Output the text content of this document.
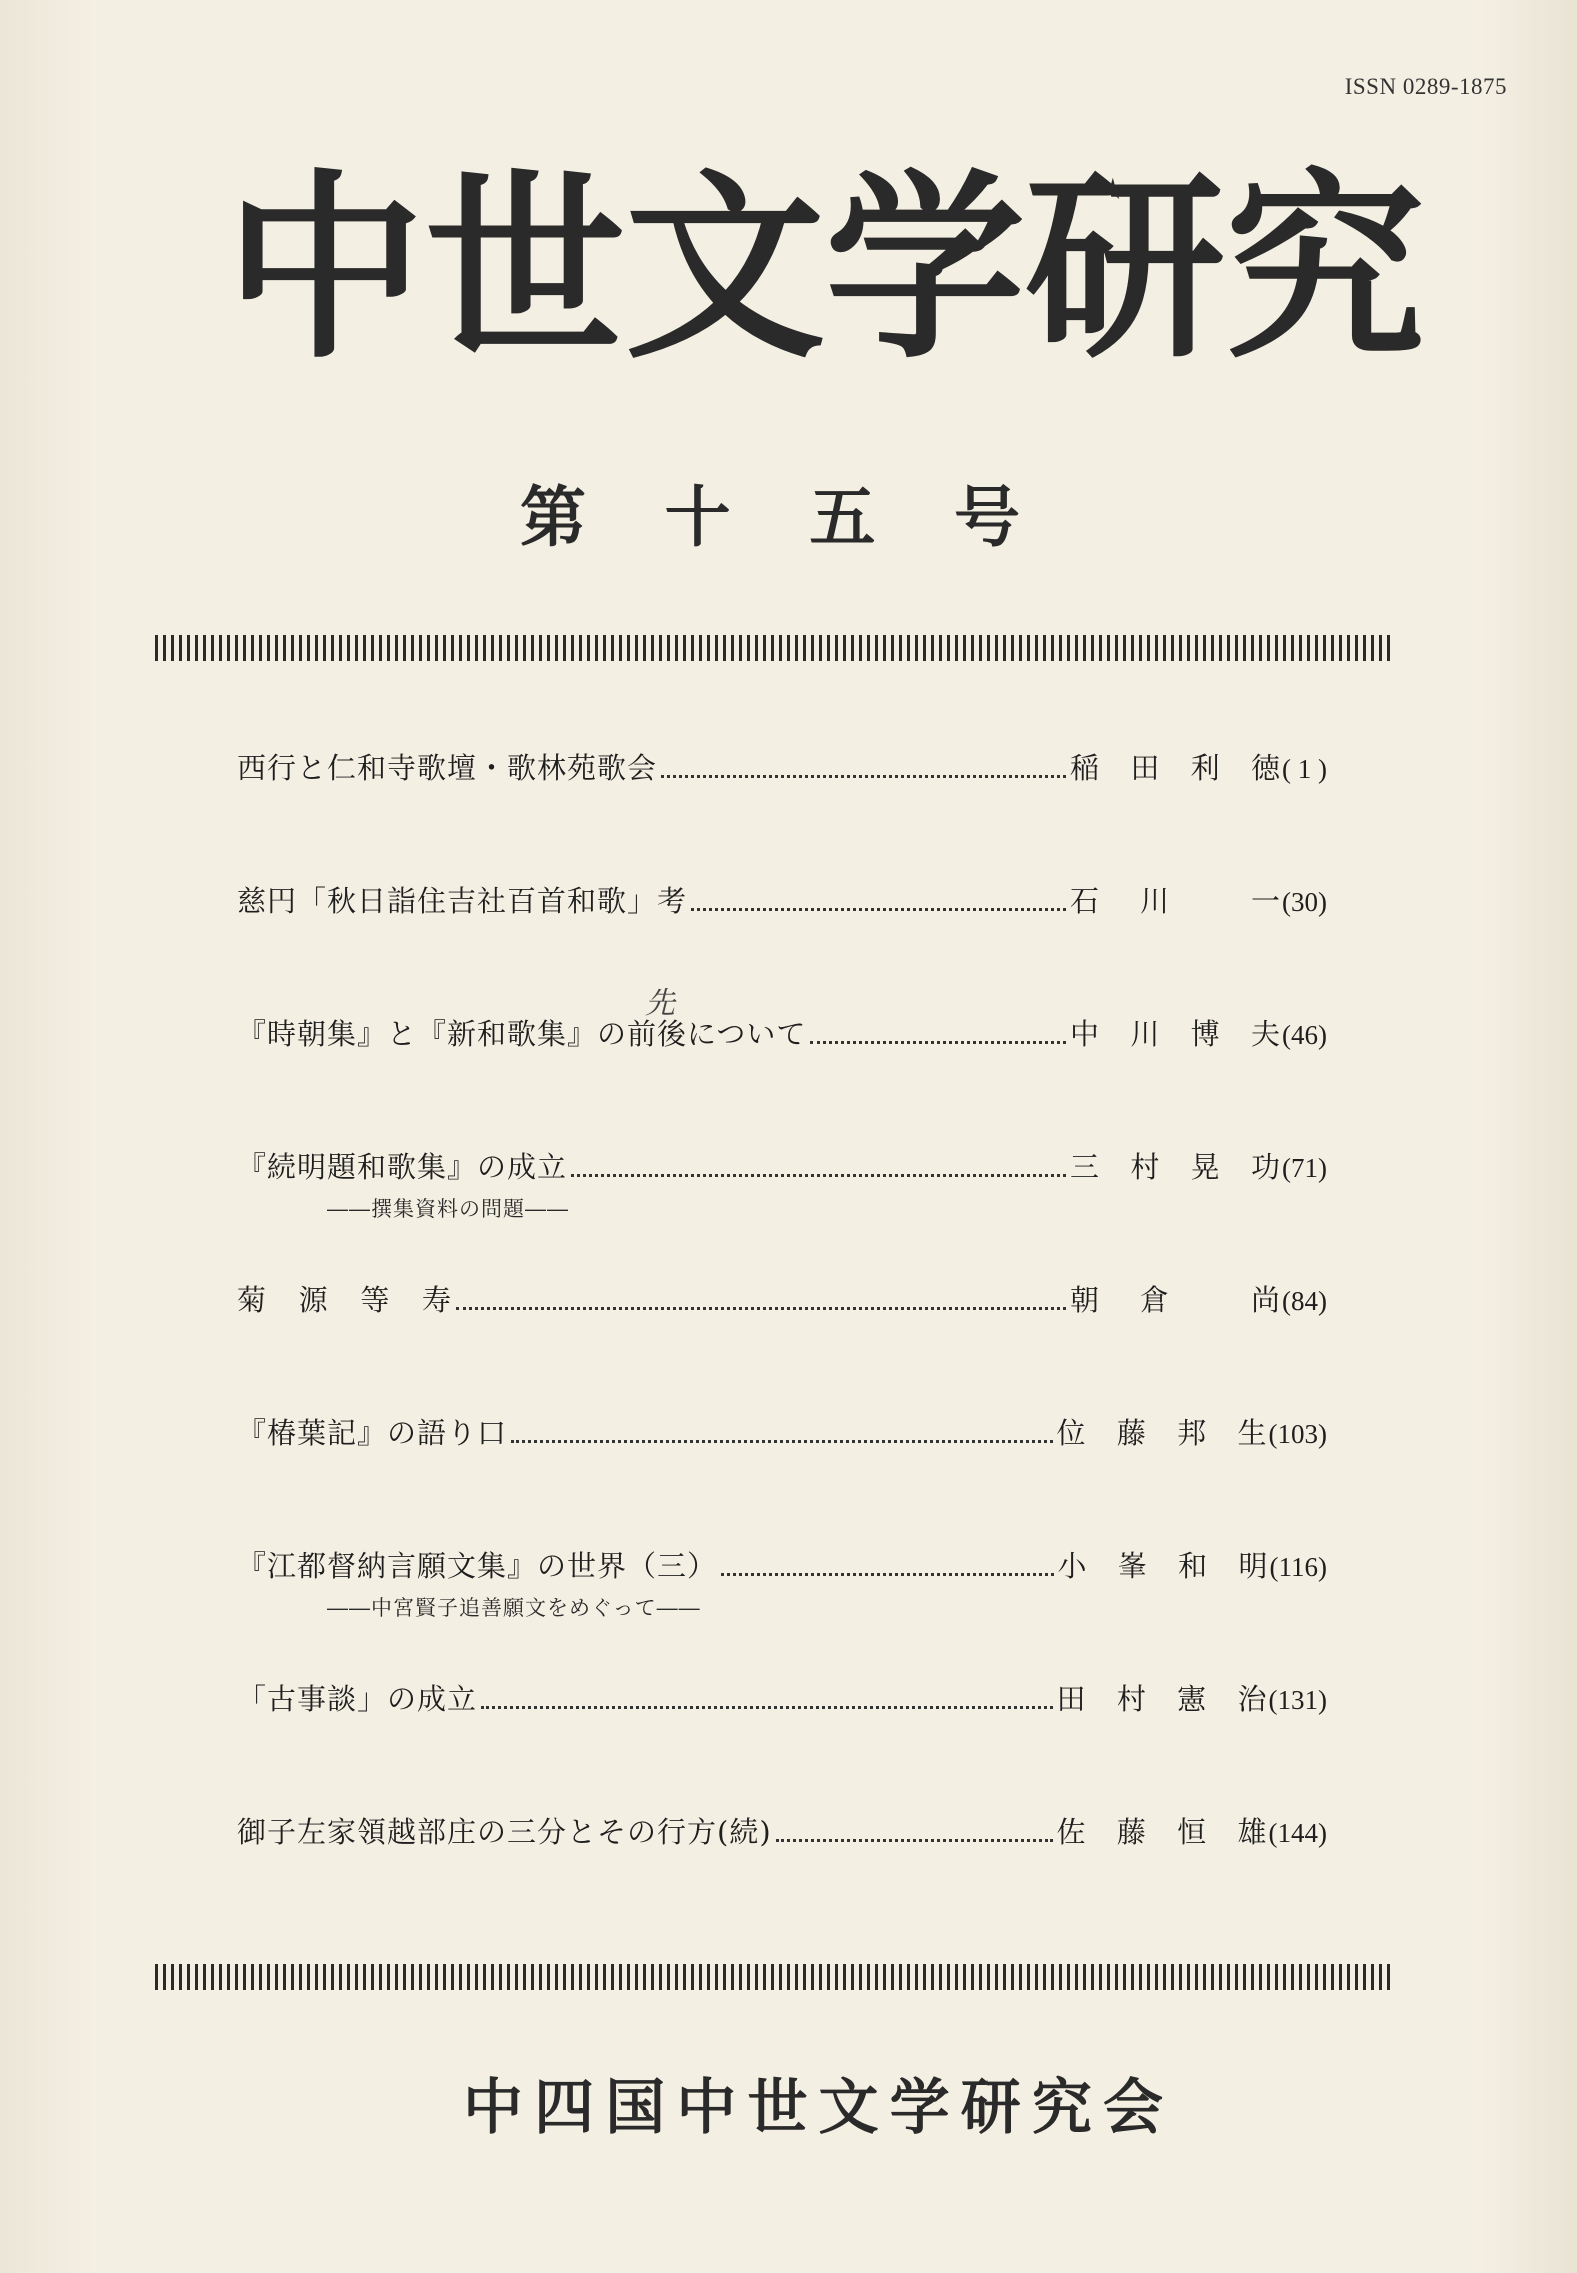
ISSN 0289-1875
中 世 文 学 研 究
第 十 五 号
西行と仁和寺歌壇・歌林苑歌会	稲 田 利 徳 ( 1 )
慈円「秋日詣住吉社百首和歌」考	石 川	一 (30)
先
『時朝集』と『新和歌集』の前後について	中 川 博 夫 (46)
『続明題和歌集』の成立	三 村 晃 功 (71)
――撰集資料の問題――
菊 源 等 寿	朝 倉	尚 (84)
『椿葉記』の語り口	位 藤 邦 生 (103)
『江都督納言願文集』の世界（三）	小 峯 和 明 (116)
――中宮賢子追善願文をめぐって――
「古事談」の成立	田 村 憲 治 (131)
御子左家領越部庄の三分とその行方(続)	佐 藤 恒 雄 (144)
中 四 国 中 世 文 学 研 究 会
